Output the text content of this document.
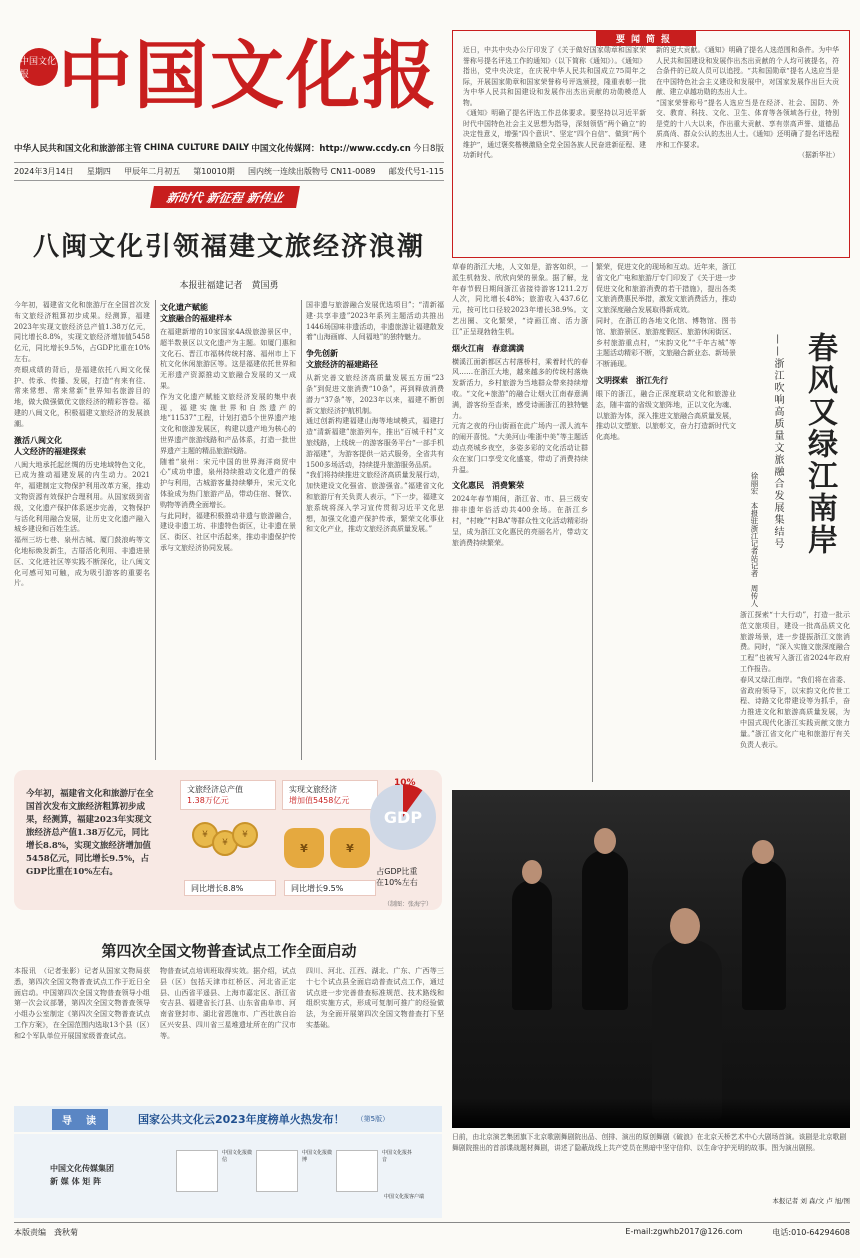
中国文化报 中国文化报
中华人民共和国文化和旅游部主管 CHINA CULTURE DAILY 中国文化传媒网：http://www.ccdy.cn 今日8版
2024年3月14日 星期四 甲辰年二月初五 第10010期 国内统一连续出版物号 CN11-0089 邮发代号1-115
新时代 新征程 新伟业
八闽文化引领福建文旅经济浪潮
本报驻福建记者　黄国勇

今年初，福建省文化和旅游厅在全国首次发布文旅经济粗算初步成果。经测算，福建2023年实现文旅经济总产值1.38万亿元，同比增长8.8%，实现文旅经济增加值5458亿元，同比增长9.5%，占GDP比重在10%左右。

亮眼成绩的背后，是福建依托八闽文化保护、传承、传播、发展，打造“有来有往、常来常想、常来常新”世界知名旅游目的地，做大做强做优文旅经济的精彩答卷。福建的八闽文化，积极福建文旅经济的发展浪潮。

激活八闽文化
人文经济的福建探索

八闽大地承托起丝绸的历史地域特色文化，已成为推动福建发展的内生动力。2021年，福建制定文物保护利用改革方案，推动文物资源有效保护合理利用。从国家级到省级，文化遗产保护体系逐步完善，文物保护与活化利用融合发展，让历史文化遗产融入城乡建设和百姓生活。

福州三坊七巷、泉州古城、厦门鼓浪屿等文化地标焕发新生，古厝活化利用、非遗进景区、文化进社区等实践不断深化，让八闽文化可感可知可触，成为吸引游客的重要名片。

文化遗产赋能
文旅融合的福建样本

在福建新增的10家国家4A级旅游景区中，超半数景区以文化遗产为主题。如厦门惠和文化石、晋江市福林传统村落、福州市上下杭文化休闲旅游区等。这是福建依托世界和无形遗产资源推动文旅融合发展的又一成果。

作为文化遗产赋能文旅经济发展的集中表现，福建实施世界和自然遗产的地“11537”工程，计划打造5个世界遗产地文化和旅游发展区，构建以遗产地为核心的世界遗产旅游线路和产品体系，打造一批世界遗产主题的精品旅游线路。

随着“泉州：宋元中国的世界海洋商贸中心”成功申遗，泉州持续推动文化遗产的保护与利用，古城游客量持续攀升，宋元文化体验成为热门旅游产品，带动住宿、餐饮、购物等消费全面增长。

与此同时，福建积极推动非遗与旅游融合，建设非遗工坊、非遗特色街区，让非遗在景区、街区、社区中活起来，推动非遗保护传承与文旅经济协同发展。

国非遗与旅游融合发展优选项目”；“清新福建·共享非遗”2023年系列主题活动共推出1446场国味非遗活动，非遗旅游让福建散发着“山海画廊、人间福地”的独特魅力。

争先创新
文旅经济的福建路径

从新完善文旅经济高质量发展五方面“23条”到促进文旅消费“10条”，再到释放消费潜力“37条”等，2023年以来，福建不断创新文旅经济护航机制。

通过创新构建福建山海等地域模式，福建打造“清新福建”旅游列车，推出“百城千村”文旅线路，上线统一的游客服务平台“一部手机游福建”，为游客提供一站式服务，全省共有1500多场活动，持续提升旅游服务品质。

“我们将持续推进文旅经济高质量发展行动，加快建设文化强省、旅游强省。”福建省文化和旅游厅有关负责人表示，“下一步，福建文旅系统将深入学习宣传贯彻习近平文化思想，加强文化遗产保护传承，繁荣文化事业和文化产业，推动文旅经济高质量发展。”

今年初，福建省文化和旅游厅在全国首次发布文旅经济粗算初步成果，经测算，福建2023年实现文旅经济总产值1.38万亿元，同比增长8.8%，实现文旅经济增加值5458亿元，同比增长9.5%，占GDP比重在10%左右。
文旅经济总产值
1.38万亿元
¥
¥
¥
同比增长8.8%
实现文旅经济
增加值5458亿元
¥	¥
同比增长9.5%
GDP
10%
占GDP比重
在10%左右
（制图：张海宁）
第四次全国文物普查试点工作全面启动
本报讯　（记者张影）记者从国家文物局获悉，第四次全国文物普查试点工作于近日全面启动。中国第四次全国文物普查领导小组第一次会议部署，第四次全国文物普查领导小组办公室制定《第四次全国文物普查试点工作方案》，在全国范围内选取13个县（区）和2个军队单位开展国家级普查试点。
物普查试点培训班取得实效。据介绍，试点县（区）包括天津市红桥区、河北省正定县、山西省平遥县、上海市嘉定区、浙江省安吉县、福建省长汀县、山东省曲阜市、河南省登封市、湖北省恩施市、广西壮族自治区兴安县、四川省三星堆遗址所在的广汉市等。
四川、河北、江西、湖北、广东、广西等三十七个试点县全面启动普查试点工作，通过试点进一步完善普查标准规范、技术路线和组织实施方式，形成可复制可推广的经验做法，为全面开展第四次全国文物普查打下坚实基础。
导　读	国家公共文化云2023年度榜单火热发布！ （第5版）
中国文化传媒集团
新 媒 体 矩 阵
中国文化报微信
中国文化报微博
中国文化报抖音
中国文化报客户端

近日，中共中央办公厅印发了《关于做好国家勋章和国家荣誉称号提名评选工作的通知》（以下简称《通知》）。《通知》指出，党中央决定，在庆祝中华人民共和国成立75周年之际，开展国家勋章和国家荣誉称号评选颁授，隆重表彰一批为中华人民共和国建设和发展作出杰出贡献的功勋模范人物。

《通知》明确了提名评选工作总体要求。要坚持以习近平新时代中国特色社会主义思想为指导，深刻领悟“两个确立”的决定性意义，增强“四个意识”、坚定“四个自信”、做到“两个维护”，通过褒奖楷模激励全党全国各族人民奋进新征程、建功新时代。

新的更大贡献。《通知》明确了提名人选范围和条件。为中华人民共和国建设和发展作出杰出贡献的个人均可被提名，符合条件的已故人员可以追授。“共和国勋章”提名人选应当是在中国特色社会主义建设和发展中，对国家发展作出巨大贡献、建立卓越功勋的杰出人士。

“国家荣誉称号”提名人选应当是在经济、社会、国防、外交、教育、科技、文化、卫生、体育等各领域各行业，特别是党的十八大以来，作出重大贡献、享有崇高声誉、道德品质高尚、群众公认的杰出人士。《通知》还明确了提名评选程序和工作要求。

（据新华社）

要闻简报

草春的浙江大地，人文如是，游客如织，一派生机勃发、欣欣向荣的景象。据了解，龙年春节假日期间浙江省接待游客1211.2万人次，同比增长48%；旅游收入437.6亿元，按可比口径较2023年增长38.9%。文艺出圈、文化繁荣，“诗画江南、活力浙江”正呈现勃勃生机。

烟火江南　春意满满

横溪江面新都区古村落桥村，乘着时代的春风……在浙江大地，越来越多的传统村落焕发新活力，乡村旅游为当地群众带来持续增收。“文化+旅游”的融合让烟火江南春意满满，游客纷至沓来，感受诗画浙江的独特魅力。

元宵之夜的丹山街画在此广场内一派人流车的闹开喜悦。“大美河山·唯浙中美”等主题活动点亮城乡夜空，多姿多彩的文化活动让群众在家门口享受文化盛宴，带动了消费持续升温。

文化惠民　消费繁荣

2024年春节期间，浙江省、市、县三级安排非遗年俗活动共400余场。在浙江乡村，“村晚”“村BA”等群众性文化活动精彩纷呈，成为浙江文化惠民的亮丽名片，带动文旅消费持续繁荣。

繁荣，促进文化的现场和互动。近年来，浙江省文化广电和旅游厅专门印发了《关于进一步促进文化和旅游消费的若干措施》，提出各类文旅消费惠民举措，激发文旅消费活力，推动文旅深度融合发展取得新成效。

同时，在浙江的各地文化馆、博物馆、图书馆、旅游景区、旅游度假区、旅游休闲街区、乡村旅游重点村，“宋韵文化”“千年古城”等主题活动精彩不断，文旅融合新业态、新场景不断涌现。

文明探索　浙江先行

眼下的浙江，融合正深度联动文化和旅游业态，随丰富的省级文旅阵地，正以文化为魂、以旅游为体，深入推进文旅融合高质量发展，推动以文塑旅、以旅彰文，奋力打造新时代文化高地。	春风又绿江南岸
——浙江吹响高质量文旅融合发展集结号
徐丽宏　本报驻浙江记者站记者　周传人

浙江探索“十大行动”，打造一批示范文旅项目，建设一批高品质文化旅游场景，进一步提振浙江文旅消费。同时，“深入实施文旅深度融合工程”也被写入浙江省2024年政府工作报告。

春风又绿江南岸。“我们将在省委、省政府领导下，以宋韵文化传世工程、诗路文化带建设等为抓手，奋力推进文化和旅游高质量发展，为中国式现代化浙江实践贡献文旅力量。”浙江省文化广电和旅游厅有关负责人表示。

日前，由北京演艺集团旗下北京歌剧舞剧院出品、创排、演出的原创舞剧《破浪》在北京天桥艺术中心大剧场首演。该剧是北京歌剧舞剧院推出的首部谍战题材舞剧，讲述了隐蔽战线上共产党员在黑暗中坚守信仰、以生命守护光明的故事。图为演出剧照。
本报记者 刘 森/文 卢 旭/图
本版责编　龚秋菊	E-mail:zgwhb2017@126.com	电话:010-64294608
